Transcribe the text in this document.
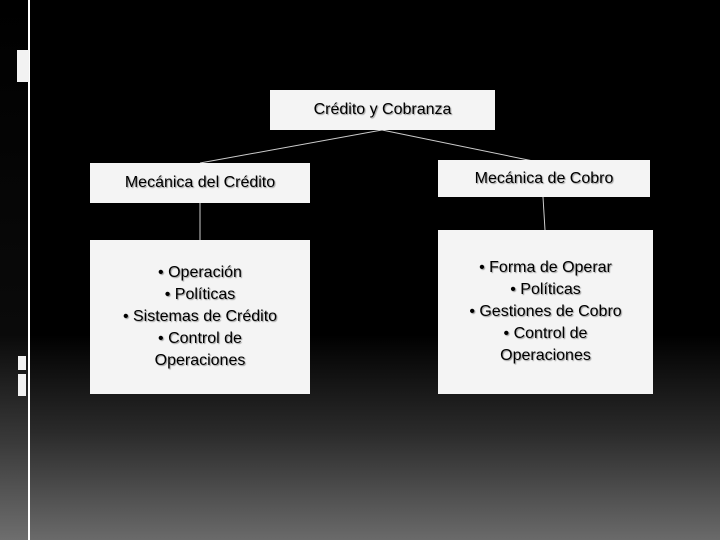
Crédito y Cobranza
Mecánica del Crédito	Mecánica de Cobro
• Operación
• Políticas
• Sistemas de Crédito
• Control de
Operaciones
• Forma de Operar
• Políticas
• Gestiones de Cobro
• Control de
Operaciones
